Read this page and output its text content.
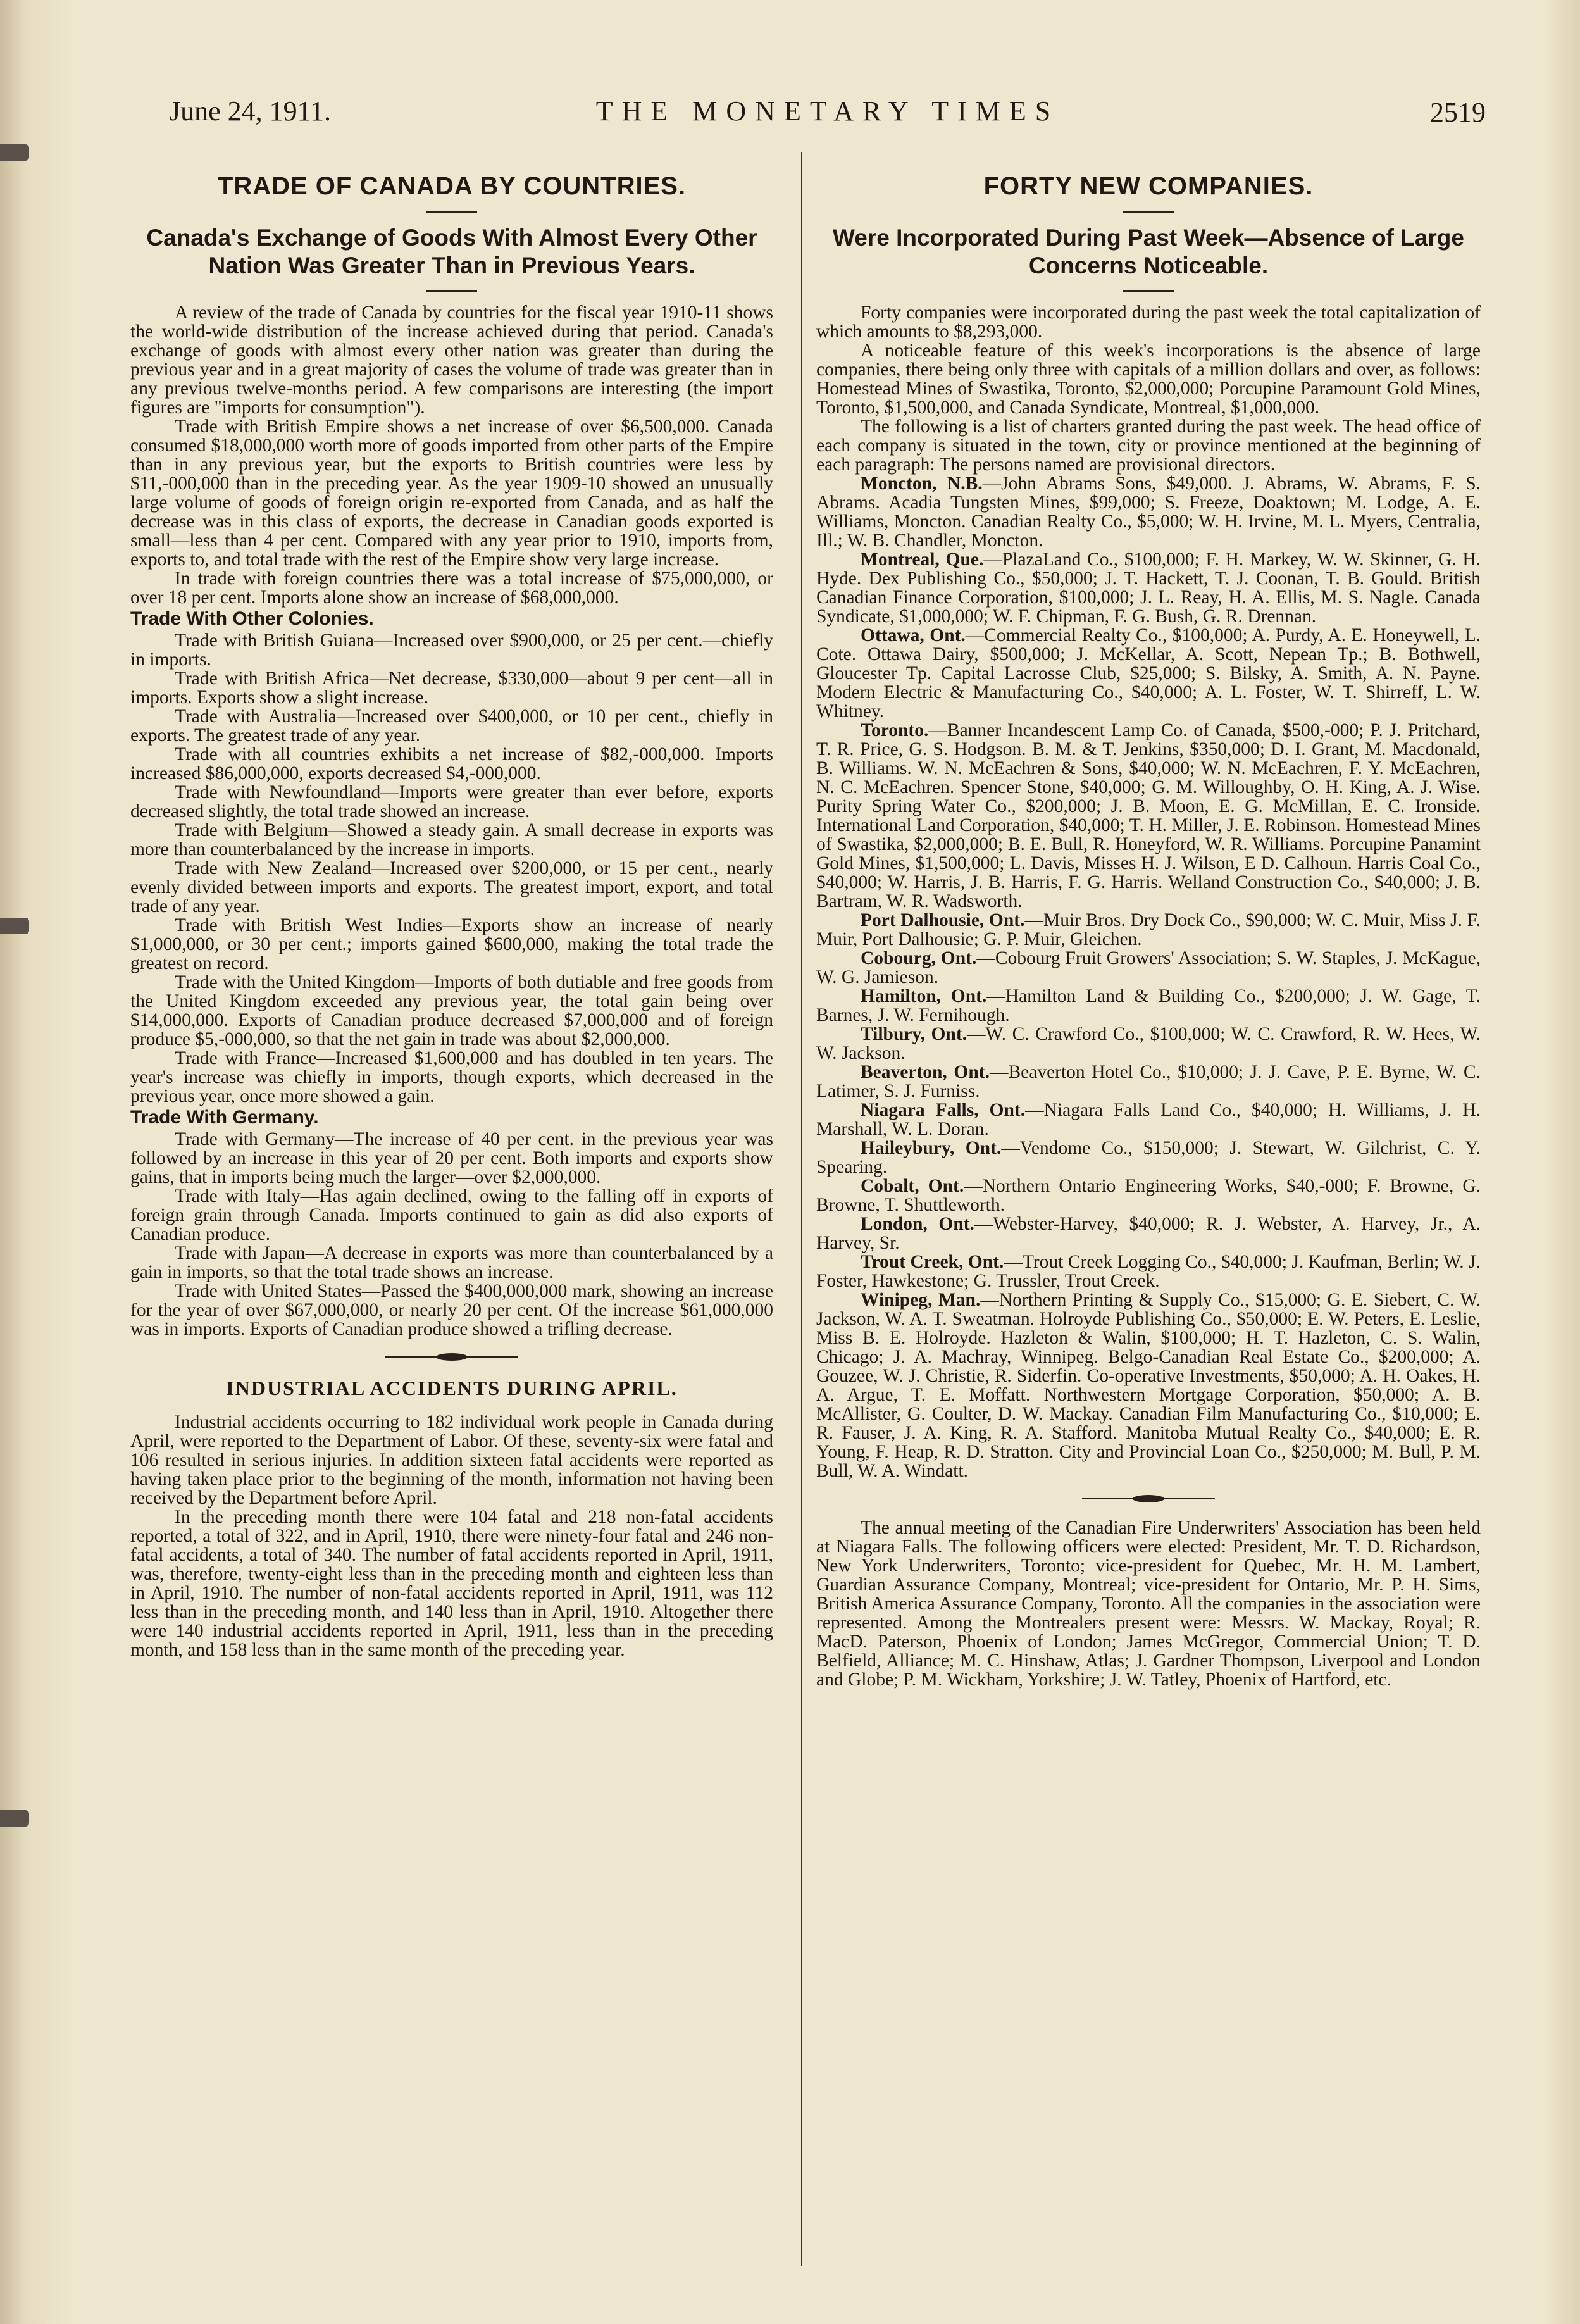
June 24, 1911.	THE MONETARY TIMES	2519
TRADE OF CANADA BY COUNTRIES.
Canada's Exchange of Goods With Almost Every Other Nation Was Greater Than in Previous Years.

A review of the trade of Canada by countries for the fiscal year 1910-11 shows the world-wide distribution of the increase achieved during that period. Canada's exchange of goods with almost every other nation was greater than during the previous year and in a great majority of cases the volume of trade was greater than in any previous twelve-months period. A few comparisons are interesting (the import figures are "imports for consumption").

Trade with British Empire shows a net increase of over $6,500,000. Canada consumed $18,000,000 worth more of goods imported from other parts of the Empire than in any previous year, but the exports to British countries were less by $11,-000,000 than in the preceding year. As the year 1909-10 showed an unusually large volume of goods of foreign origin re-exported from Canada, and as half the decrease was in this class of exports, the decrease in Canadian goods exported is small—less than 4 per cent. Compared with any year prior to 1910, imports from, exports to, and total trade with the rest of the Empire show very large increase.

In trade with foreign countries there was a total increase of $75,000,000, or over 18 per cent. Imports alone show an increase of $68,000,000.

Trade With Other Colonies.

Trade with British Guiana—Increased over $900,000, or 25 per cent.—chiefly in imports.

Trade with British Africa—Net decrease, $330,000—about 9 per cent—all in imports. Exports show a slight increase.

Trade with Australia—Increased over $400,000, or 10 per cent., chiefly in exports. The greatest trade of any year.

Trade with all countries exhibits a net increase of $82,-000,000. Imports increased $86,000,000, exports decreased $4,-000,000.

Trade with Newfoundland—Imports were greater than ever before, exports decreased slightly, the total trade showed an increase.

Trade with Belgium—Showed a steady gain. A small decrease in exports was more than counterbalanced by the increase in imports.

Trade with New Zealand—Increased over $200,000, or 15 per cent., nearly evenly divided between imports and exports. The greatest import, export, and total trade of any year.

Trade with British West Indies—Exports show an increase of nearly $1,000,000, or 30 per cent.; imports gained $600,000, making the total trade the greatest on record.

Trade with the United Kingdom—Imports of both dutiable and free goods from the United Kingdom exceeded any previous year, the total gain being over $14,000,000. Exports of Canadian produce decreased $7,000,000 and of foreign produce $5,-000,000, so that the net gain in trade was about $2,000,000.

Trade with France—Increased $1,600,000 and has doubled in ten years. The year's increase was chiefly in imports, though exports, which decreased in the previous year, once more showed a gain.

Trade With Germany.

Trade with Germany—The increase of 40 per cent. in the previous year was followed by an increase in this year of 20 per cent. Both imports and exports show gains, that in imports being much the larger—over $2,000,000.

Trade with Italy—Has again declined, owing to the falling off in exports of foreign grain through Canada. Imports continued to gain as did also exports of Canadian produce.

Trade with Japan—A decrease in exports was more than counterbalanced by a gain in imports, so that the total trade shows an increase.

Trade with United States—Passed the $400,000,000 mark, showing an increase for the year of over $67,000,000, or nearly 20 per cent. Of the increase $61,000,000 was in imports. Exports of Canadian produce showed a trifling decrease.

INDUSTRIAL ACCIDENTS DURING APRIL.

Industrial accidents occurring to 182 individual work people in Canada during April, were reported to the Department of Labor. Of these, seventy-six were fatal and 106 resulted in serious injuries. In addition sixteen fatal accidents were reported as having taken place prior to the beginning of the month, information not having been received by the Department before April.

In the preceding month there were 104 fatal and 218 non-fatal accidents reported, a total of 322, and in April, 1910, there were ninety-four fatal and 246 non-fatal accidents, a total of 340. The number of fatal accidents reported in April, 1911, was, therefore, twenty-eight less than in the preceding month and eighteen less than in April, 1910. The number of non-fatal accidents reported in April, 1911, was 112 less than in the preceding month, and 140 less than in April, 1910. Altogether there were 140 industrial accidents reported in April, 1911, less than in the preceding month, and 158 less than in the same month of the preceding year.

FORTY NEW COMPANIES.
Were Incorporated During Past Week—Absence of Large Concerns Noticeable.

Forty companies were incorporated during the past week the total capitalization of which amounts to $8,293,000.

A noticeable feature of this week's incorporations is the absence of large companies, there being only three with capitals of a million dollars and over, as follows: Homestead Mines of Swastika, Toronto, $2,000,000; Porcupine Paramount Gold Mines, Toronto, $1,500,000, and Canada Syndicate, Montreal, $1,000,000.

The following is a list of charters granted during the past week. The head office of each company is situated in the town, city or province mentioned at the beginning of each paragraph: The persons named are provisional directors.

Moncton, N.B.—John Abrams Sons, $49,000. J. Abrams, W. Abrams, F. S. Abrams. Acadia Tungsten Mines, $99,000; S. Freeze, Doaktown; M. Lodge, A. E. Williams, Moncton. Canadian Realty Co., $5,000; W. H. Irvine, M. L. Myers, Centralia, Ill.; W. B. Chandler, Moncton.

Montreal, Que.—PlazaLand Co., $100,000; F. H. Markey, W. W. Skinner, G. H. Hyde. Dex Publishing Co., $50,000; J. T. Hackett, T. J. Coonan, T. B. Gould. British Canadian Finance Corporation, $100,000; J. L. Reay, H. A. Ellis, M. S. Nagle. Canada Syndicate, $1,000,000; W. F. Chipman, F. G. Bush, G. R. Drennan.

Ottawa, Ont.—Commercial Realty Co., $100,000; A. Purdy, A. E. Honeywell, L. Cote. Ottawa Dairy, $500,000; J. McKellar, A. Scott, Nepean Tp.; B. Bothwell, Gloucester Tp. Capital Lacrosse Club, $25,000; S. Bilsky, A. Smith, A. N. Payne. Modern Electric & Manufacturing Co., $40,000; A. L. Foster, W. T. Shirreff, L. W. Whitney.

Toronto.—Banner Incandescent Lamp Co. of Canada, $500,-000; P. J. Pritchard, T. R. Price, G. S. Hodgson. B. M. & T. Jenkins, $350,000; D. I. Grant, M. Macdonald, B. Williams. W. N. McEachren & Sons, $40,000; W. N. McEachren, F. Y. McEachren, N. C. McEachren. Spencer Stone, $40,000; G. M. Willoughby, O. H. King, A. J. Wise. Purity Spring Water Co., $200,000; J. B. Moon, E. G. McMillan, E. C. Ironside. International Land Corporation, $40,000; T. H. Miller, J. E. Robinson. Homestead Mines of Swastika, $2,000,000; B. E. Bull, R. Honeyford, W. R. Williams. Porcupine Panamint Gold Mines, $1,500,000; L. Davis, Misses H. J. Wilson, E D. Calhoun. Harris Coal Co., $40,000; W. Harris, J. B. Harris, F. G. Harris. Welland Construction Co., $40,000; J. B. Bartram, W. R. Wadsworth.

Port Dalhousie, Ont.—Muir Bros. Dry Dock Co., $90,000; W. C. Muir, Miss J. F. Muir, Port Dalhousie; G. P. Muir, Gleichen.

Cobourg, Ont.—Cobourg Fruit Growers' Association; S. W. Staples, J. McKague, W. G. Jamieson.

Hamilton, Ont.—Hamilton Land & Building Co., $200,000; J. W. Gage, T. Barnes, J. W. Fernihough.

Tilbury, Ont.—W. C. Crawford Co., $100,000; W. C. Crawford, R. W. Hees, W. W. Jackson.

Beaverton, Ont.—Beaverton Hotel Co., $10,000; J. J. Cave, P. E. Byrne, W. C. Latimer, S. J. Furniss.

Niagara Falls, Ont.—Niagara Falls Land Co., $40,000; H. Williams, J. H. Marshall, W. L. Doran.

Haileybury, Ont.—Vendome Co., $150,000; J. Stewart, W. Gilchrist, C. Y. Spearing.

Cobalt, Ont.—Northern Ontario Engineering Works, $40,-000; F. Browne, G. Browne, T. Shuttleworth.

London, Ont.—Webster-Harvey, $40,000; R. J. Webster, A. Harvey, Jr., A. Harvey, Sr.

Trout Creek, Ont.—Trout Creek Logging Co., $40,000; J. Kaufman, Berlin; W. J. Foster, Hawkestone; G. Trussler, Trout Creek.

Winipeg, Man.—Northern Printing & Supply Co., $15,000; G. E. Siebert, C. W. Jackson, W. A. T. Sweatman. Holroyde Publishing Co., $50,000; E. W. Peters, E. Leslie, Miss B. E. Holroyde. Hazleton & Walin, $100,000; H. T. Hazleton, C. S. Walin, Chicago; J. A. Machray, Winnipeg. Belgo-Canadian Real Estate Co., $200,000; A. Gouzee, W. J. Christie, R. Siderfin. Co-operative Investments, $50,000; A. H. Oakes, H. A. Argue, T. E. Moffatt. Northwestern Mortgage Corporation, $50,000; A. B. McAllister, G. Coulter, D. W. Mackay. Canadian Film Manufacturing Co., $10,000; E. R. Fauser, J. A. King, R. A. Stafford. Manitoba Mutual Realty Co., $40,000; E. R. Young, F. Heap, R. D. Stratton. City and Provincial Loan Co., $250,000; M. Bull, P. M. Bull, W. A. Windatt.

The annual meeting of the Canadian Fire Underwriters' Association has been held at Niagara Falls. The following officers were elected: President, Mr. T. D. Richardson, New York Underwriters, Toronto; vice-president for Quebec, Mr. H. M. Lambert, Guardian Assurance Company, Montreal; vice-president for Ontario, Mr. P. H. Sims, British America Assurance Company, Toronto. All the companies in the association were represented. Among the Montrealers present were: Messrs. W. Mackay, Royal; R. MacD. Paterson, Phoenix of London; James McGregor, Commercial Union; T. D. Belfield, Alliance; M. C. Hinshaw, Atlas; J. Gardner Thompson, Liverpool and London and Globe; P. M. Wickham, Yorkshire; J. W. Tatley, Phoenix of Hartford, etc.
